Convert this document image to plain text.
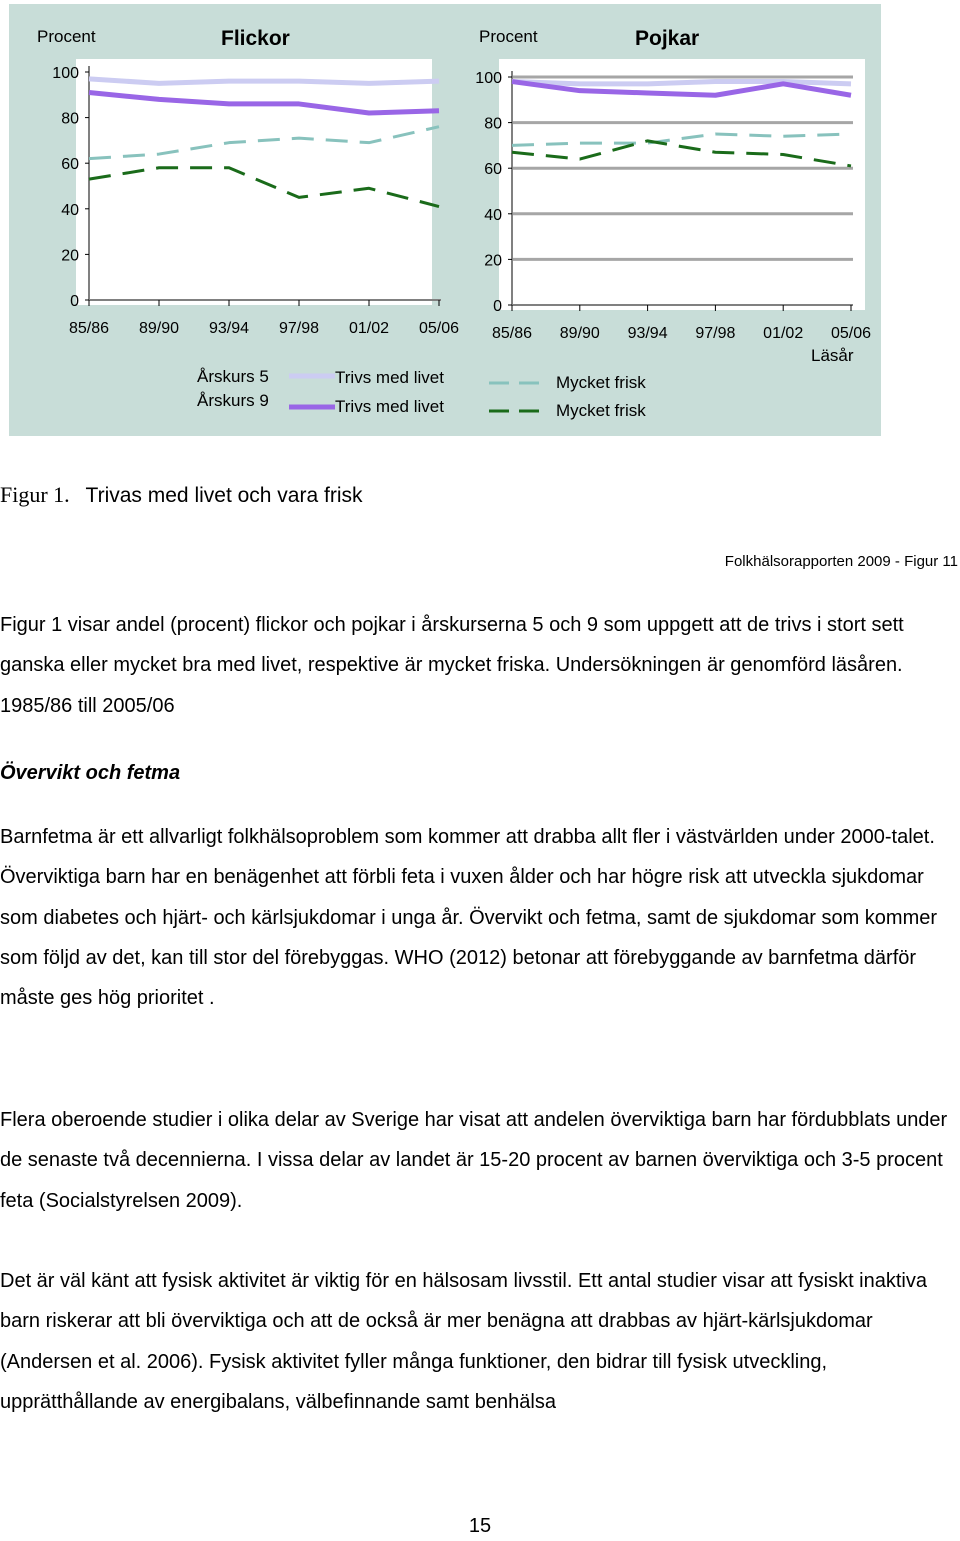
Procent	Flickor
100
80
60
40
20
0
85/86 89/90 93/94 97/98 01/02 05/06
Procent	Pojkar
100
80
60
40
20
0
85/86 89/90 93/94 97/98 01/02 05/06
Läsår
Årskurs 5
Årskurs 9
Trivs med livet
Trivs med livet
Mycket frisk
Mycket frisk
Figur 1. Trivas med livet och vara frisk
Folkhälsorapporten 2009 - Figur 11

Figur 1 visar andel (procent) flickor och pojkar i årskurserna 5 och 9 som uppgett att de trivs i stort sett ganska eller mycket bra med livet, respektive är mycket friska. Undersökningen är genomförd läsåren. 1985/86 till 2005/06

Övervikt och fetma

Barnfetma är ett allvarligt folkhälsoproblem som kommer att drabba allt fler i västvärlden under 2000-talet. Överviktiga barn har en benägenhet att förbli feta i vuxen ålder och har högre risk att utveckla sjukdomar som diabetes och hjärt- och kärlsjukdomar i unga år. Övervikt och fetma, samt de sjukdomar som kommer som följd av det, kan till stor del förebyggas. WHO (2012) betonar att förebyggande av barnfetma därför måste ges hög prioritet .

Flera oberoende studier i olika delar av Sverige har visat att andelen överviktiga barn har fördubblats under de senaste två decennierna. I vissa delar av landet är 15-20 procent av barnen överviktiga och 3-5 procent feta (Socialstyrelsen 2009).

Det är väl känt att fysisk aktivitet är viktig för en hälsosam livsstil. Ett antal studier visar att fysiskt inaktiva barn riskerar att bli överviktiga och att de också är mer benägna att drabbas av hjärt-kärlsjukdomar (Andersen et al. 2006). Fysisk aktivitet fyller många funktioner, den bidrar till fysisk utveckling, upprätthållande av energibalans, välbefinnande samt benhälsa

15
